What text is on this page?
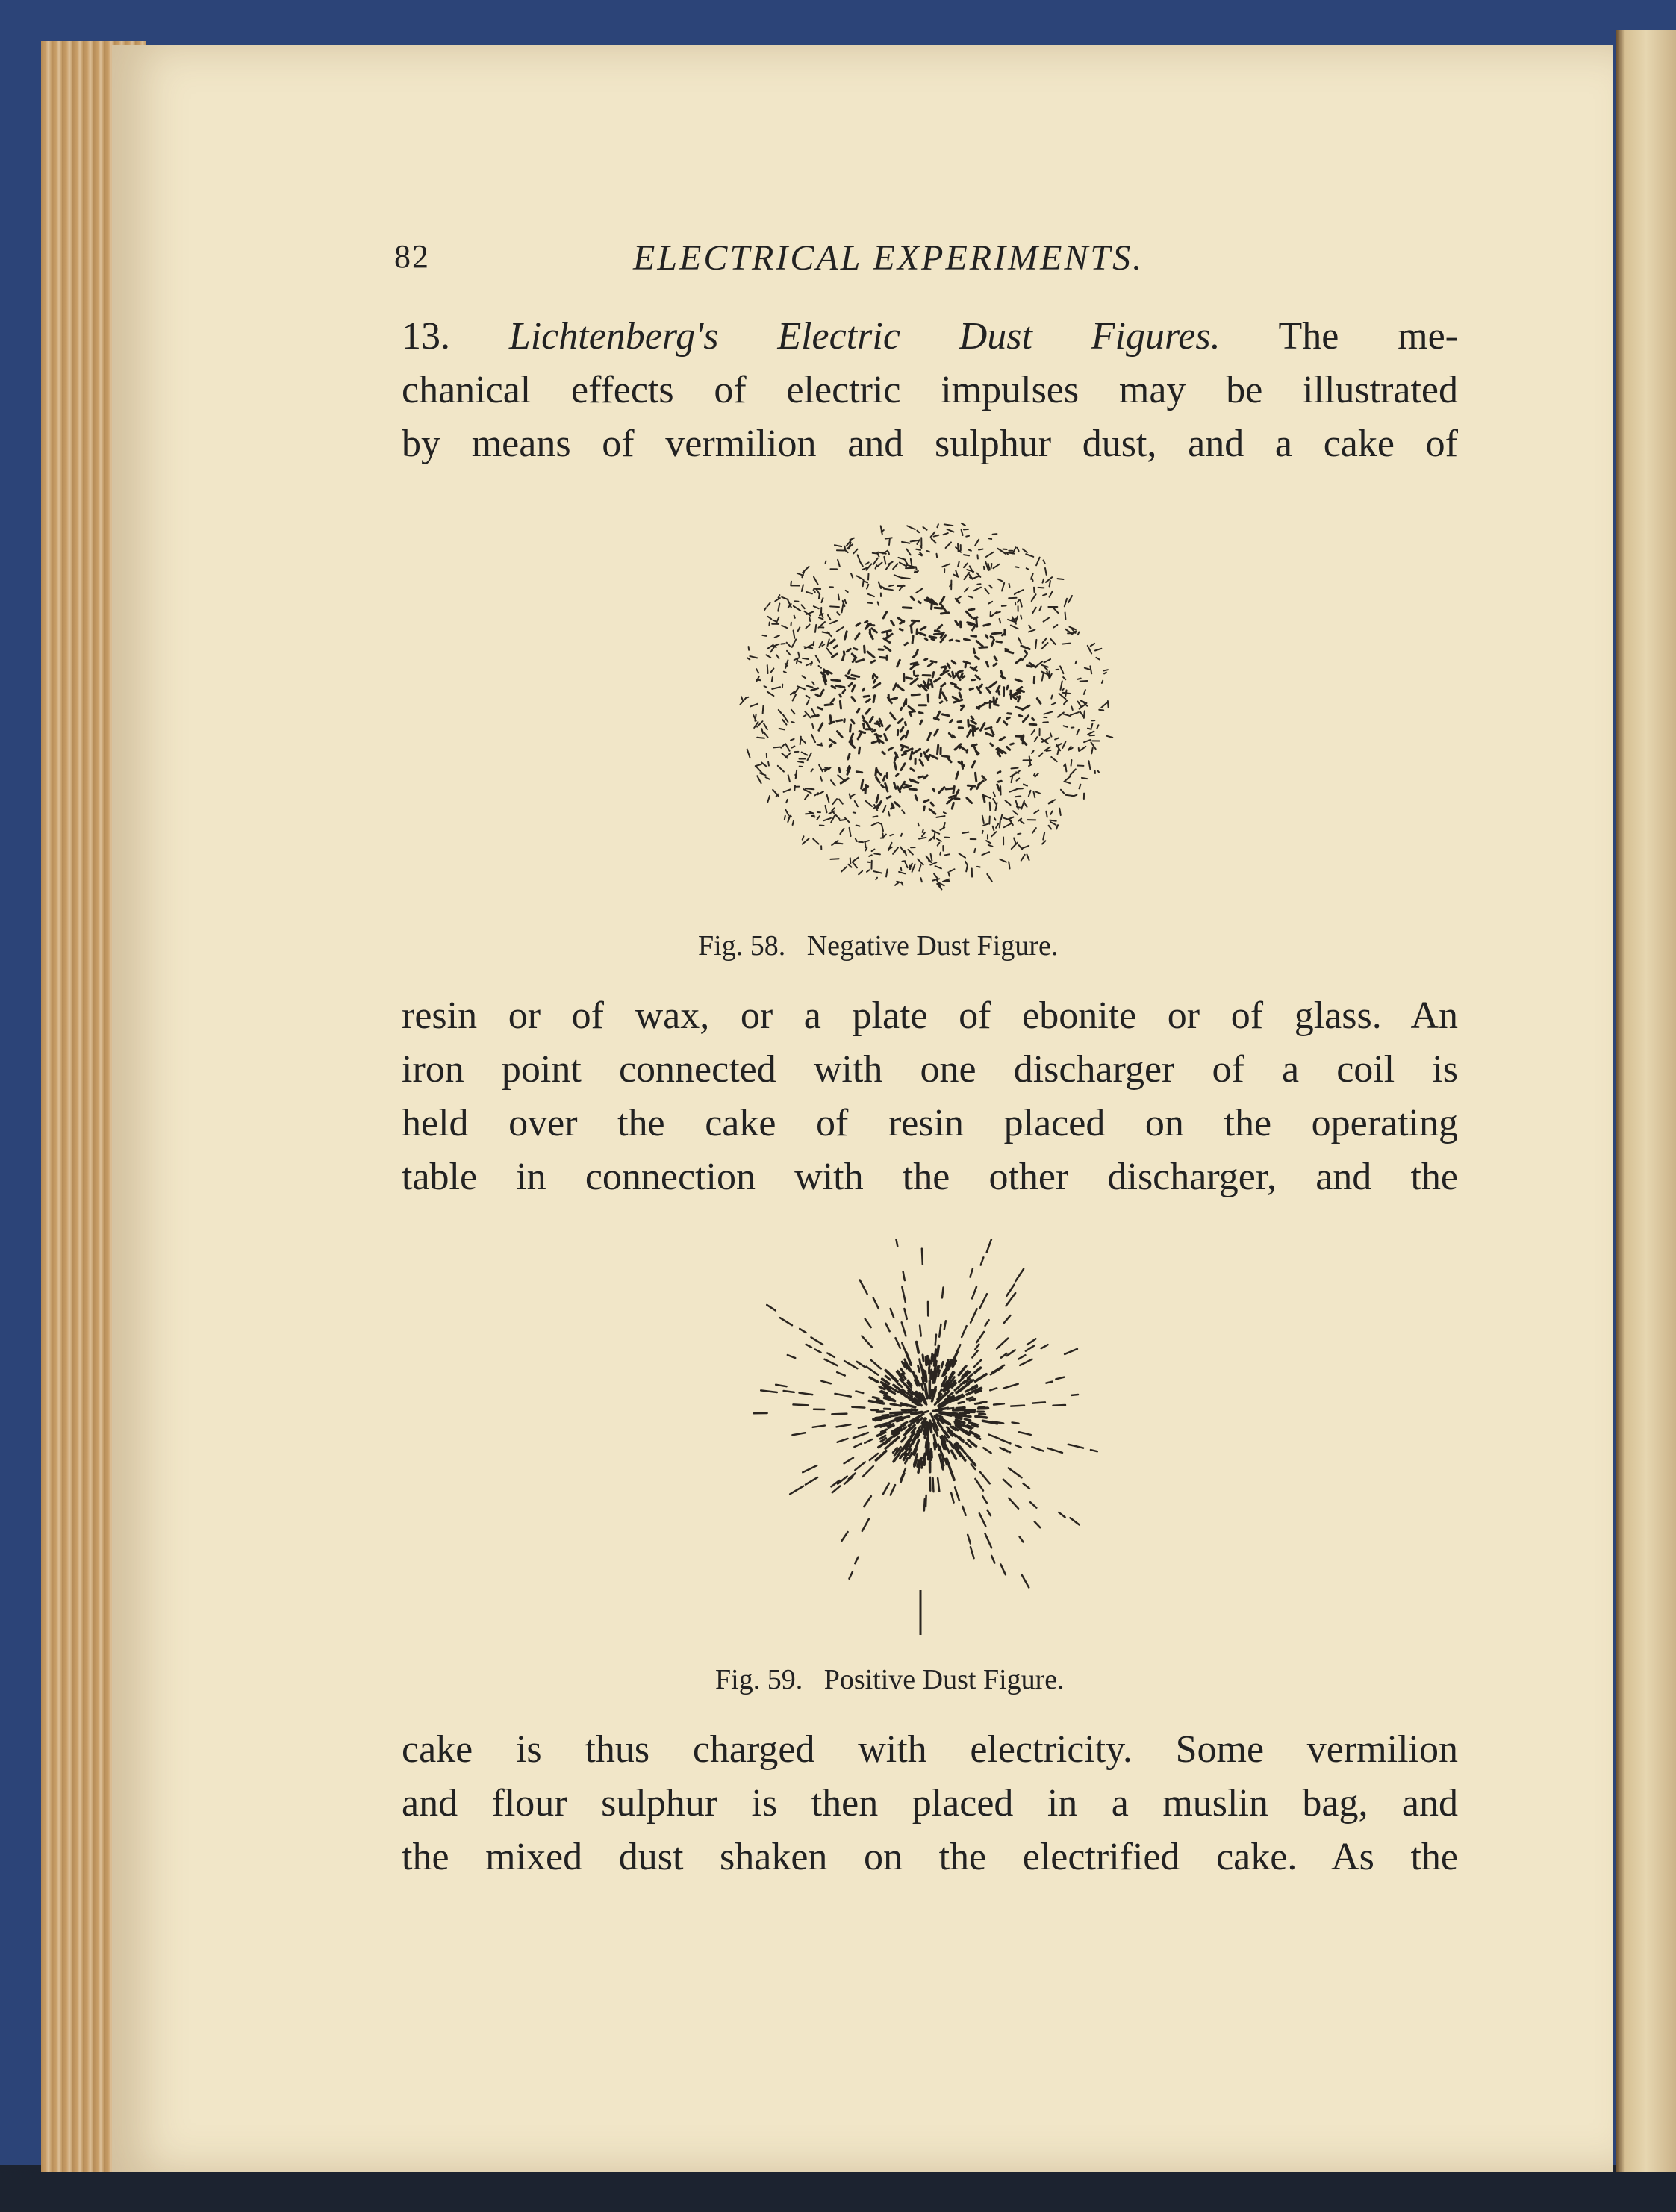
82	ELECTRICAL EXPERIMENTS.
13. Lichtenberg's Electric Dust Figures. The me-
chanical effects of electric impulses may be illustrated
by means of vermilion and sulphur dust, and a cake of
Fig. 58. Negative Dust Figure.
resin or of wax, or a plate of ebonite or of glass. An
iron point connected with one discharger of a coil is
held over the cake of resin placed on the operating
table in connection with the other discharger, and the
Fig. 59. Positive Dust Figure.
cake is thus charged with electricity. Some vermilion
and flour sulphur is then placed in a muslin bag, and
the mixed dust shaken on the electrified cake. As the
